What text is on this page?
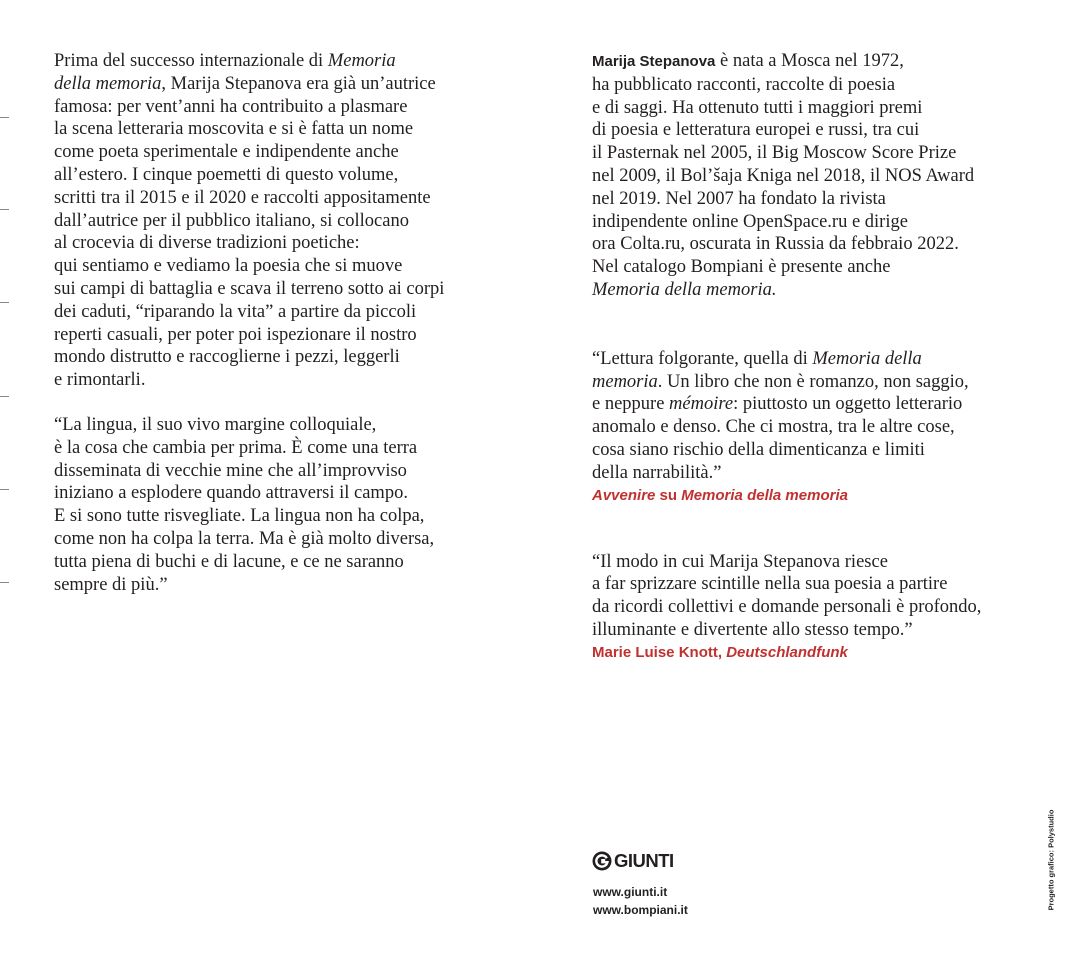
Prima del successo internazionale di Memoria
della memoria, Marija Stepanova era già un’autrice
famosa: per vent’anni ha contribuito a plasmare
la scena letteraria moscovita e si è fatta un nome
come poeta sperimentale e indipendente anche
all’estero. I cinque poemetti di questo volume,
scritti tra il 2015 e il 2020 e raccolti appositamente
dall’autrice per il pubblico italiano, si collocano
al crocevia di diverse tradizioni poetiche:
qui sentiamo e vediamo la poesia che si muove
sui campi di battaglia e scava il terreno sotto ai corpi
dei caduti, “riparando la vita” a partire da piccoli
reperti casuali, per poter poi ispezionare il nostro
mondo distrutto e raccoglierne i pezzi, leggerli
e rimontarli.

“La lingua, il suo vivo margine colloquiale,
è la cosa che cambia per prima. È come una terra
disseminata di vecchie mine che all’improvviso
iniziano a esplodere quando attraversi il campo.
E si sono tutte risvegliate. La lingua non ha colpa,
come non ha colpa la terra. Ma è già molto diversa,
tutta piena di buchi e di lacune, e ce ne saranno
sempre di più.”

Marija Stepanova è nata a Mosca nel 1972,
ha pubblicato racconti, raccolte di poesia
e di saggi. Ha ottenuto tutti i maggiori premi
di poesia e letteratura europei e russi, tra cui
il Pasternak nel 2005, il Big Moscow Score Prize
nel 2009, il Bol’šaja Kniga nel 2018, il NOS Award
nel 2019. Nel 2007 ha fondato la rivista
indipendente online OpenSpace.ru e dirige
ora Colta.ru, oscurata in Russia da febbraio 2022.
Nel catalogo Bompiani è presente anche
Memoria della memoria.

“Lettura folgorante, quella di Memoria della
memoria. Un libro che non è romanzo, non saggio,
e neppure mémoire: piuttosto un oggetto letterario
anomalo e denso. Che ci mostra, tra le altre cose,
cosa siano rischio della dimenticanza e limiti
della narrabilità.”

Avvenire su Memoria della memoria

“Il modo in cui Marija Stepanova riesce
a far sprizzare scintille nella sua poesia a partire
da ricordi collettivi e domande personali è profondo,
illuminante e divertente allo stesso tempo.”

Marie Luise Knott, Deutschlandfunk
GIUNTI
www.giunti.it
www.bompiani.it	Progetto grafico: Polystudio
